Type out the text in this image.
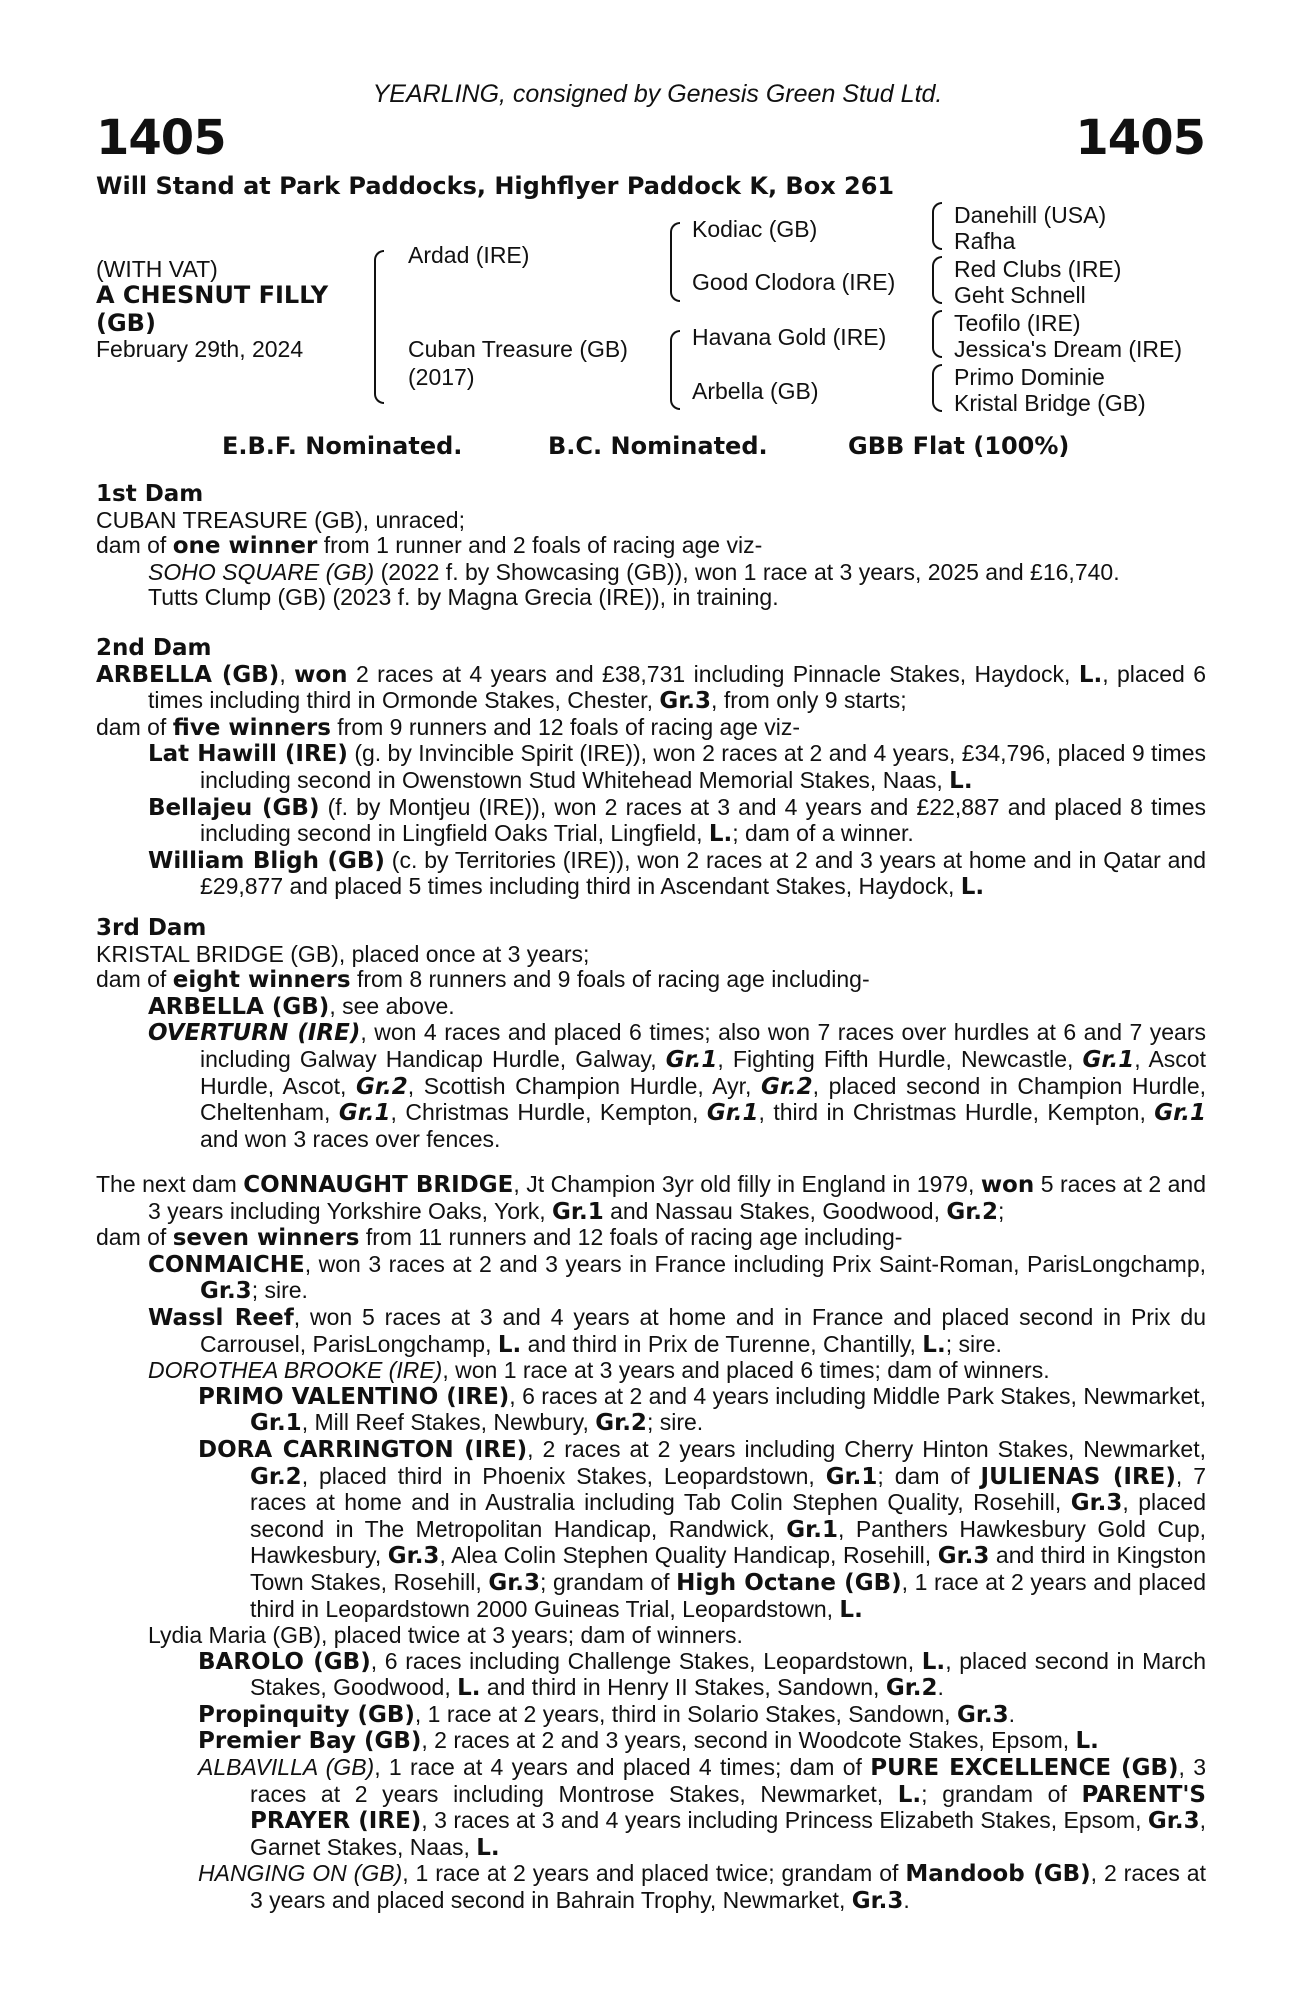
YEARLING, consigned by Genesis Green Stud Ltd.
1405	1405
Will Stand at Park Paddocks, Highflyer Paddock K, Box 261
(WITH VAT)
A CHESNUT FILLY
(GB)
February 29th, 2024
Ardad (IRE)
Cuban Treasure (GB)
(2017)
Kodiac (GB)
Good Clodora (IRE)
Havana Gold (IRE)
Arbella (GB)
Danehill (USA)
Rafha
Red Clubs (IRE)
Geht Schnell
Teofilo (IRE)
Jessica's Dream (IRE)
Primo Dominie
Kristal Bridge (GB)
E.B.F. Nominated.	B.C. Nominated.	GBB Flat (100%)
1st Dam

CUBAN TREASURE (GB), unraced;

dam of one winner from 1 runner and 2 foals of racing age viz-

SOHO SQUARE (GB) (2022 f. by Showcasing (GB)), won 1 race at 3 years, 2025 and £16,740.

Tutts Clump (GB) (2023 f. by Magna Grecia (IRE)), in training.

2nd Dam

ARBELLA (GB), won 2 races at 4 years and £38,731 including Pinnacle Stakes, Haydock, L., placed 6 times including third in Ormonde Stakes, Chester, Gr.3, from only 9 starts;

dam of five winners from 9 runners and 12 foals of racing age viz-

Lat Hawill (IRE) (g. by Invincible Spirit (IRE)), won 2 races at 2 and 4 years, £34,796, placed 9 times including second in Owenstown Stud Whitehead Memorial Stakes, Naas, L.

Bellajeu (GB) (f. by Montjeu (IRE)), won 2 races at 3 and 4 years and £22,887 and placed 8 times including second in Lingfield Oaks Trial, Lingfield, L.; dam of a winner.

William Bligh (GB) (c. by Territories (IRE)), won 2 races at 2 and 3 years at home and in Qatar and £29,877 and placed 5 times including third in Ascendant Stakes, Haydock, L.

3rd Dam

KRISTAL BRIDGE (GB), placed once at 3 years;

dam of eight winners from 8 runners and 9 foals of racing age including-

ARBELLA (GB), see above.

OVERTURN (IRE), won 4 races and placed 6 times; also won 7 races over hurdles at 6 and 7 years including Galway Handicap Hurdle, Galway, Gr.1, Fighting Fifth Hurdle, Newcastle, Gr.1, Ascot Hurdle, Ascot, Gr.2, Scottish Champion Hurdle, Ayr, Gr.2, placed second in Champion Hurdle, Cheltenham, Gr.1, Christmas Hurdle, Kempton, Gr.1, third in Christmas Hurdle, Kempton, Gr.1 and won 3 races over fences.

The next dam CONNAUGHT BRIDGE, Jt Champion 3yr old filly in England in 1979, won 5 races at 2 and 3 years including Yorkshire Oaks, York, Gr.1 and Nassau Stakes, Goodwood, Gr.2;

dam of seven winners from 11 runners and 12 foals of racing age including-

CONMAICHE, won 3 races at 2 and 3 years in France including Prix Saint-Roman, ParisLongchamp, Gr.3; sire.

Wassl Reef, won 5 races at 3 and 4 years at home and in France and placed second in Prix du Carrousel, ParisLongchamp, L. and third in Prix de Turenne, Chantilly, L.; sire.

DOROTHEA BROOKE (IRE), won 1 race at 3 years and placed 6 times; dam of winners.

PRIMO VALENTINO (IRE), 6 races at 2 and 4 years including Middle Park Stakes, Newmarket, Gr.1, Mill Reef Stakes, Newbury, Gr.2; sire.

DORA CARRINGTON (IRE), 2 races at 2 years including Cherry Hinton Stakes, Newmarket, Gr.2, placed third in Phoenix Stakes, Leopardstown, Gr.1; dam of JULIENAS (IRE), 7 races at home and in Australia including Tab Colin Stephen Quality, Rosehill, Gr.3, placed second in The Metropolitan Handicap, Randwick, Gr.1, Panthers Hawkesbury Gold Cup, Hawkesbury, Gr.3, Alea Colin Stephen Quality Handicap, Rosehill, Gr.3 and third in Kingston Town Stakes, Rosehill, Gr.3; grandam of High Octane (GB), 1 race at 2 years and placed third in Leopardstown 2000 Guineas Trial, Leopardstown, L.

Lydia Maria (GB), placed twice at 3 years; dam of winners.

BAROLO (GB), 6 races including Challenge Stakes, Leopardstown, L., placed second in March Stakes, Goodwood, L. and third in Henry II Stakes, Sandown, Gr.2.

Propinquity (GB), 1 race at 2 years, third in Solario Stakes, Sandown, Gr.3.

Premier Bay (GB), 2 races at 2 and 3 years, second in Woodcote Stakes, Epsom, L.

ALBAVILLA (GB), 1 race at 4 years and placed 4 times; dam of PURE EXCELLENCE (GB), 3 races at 2 years including Montrose Stakes, Newmarket, L.; grandam of PARENT'S PRAYER (IRE), 3 races at 3 and 4 years including Princess Elizabeth Stakes, Epsom, Gr.3, Garnet Stakes, Naas, L.

HANGING ON (GB), 1 race at 2 years and placed twice; grandam of Mandoob (GB), 2 races at 3 years and placed second in Bahrain Trophy, Newmarket, Gr.3.
